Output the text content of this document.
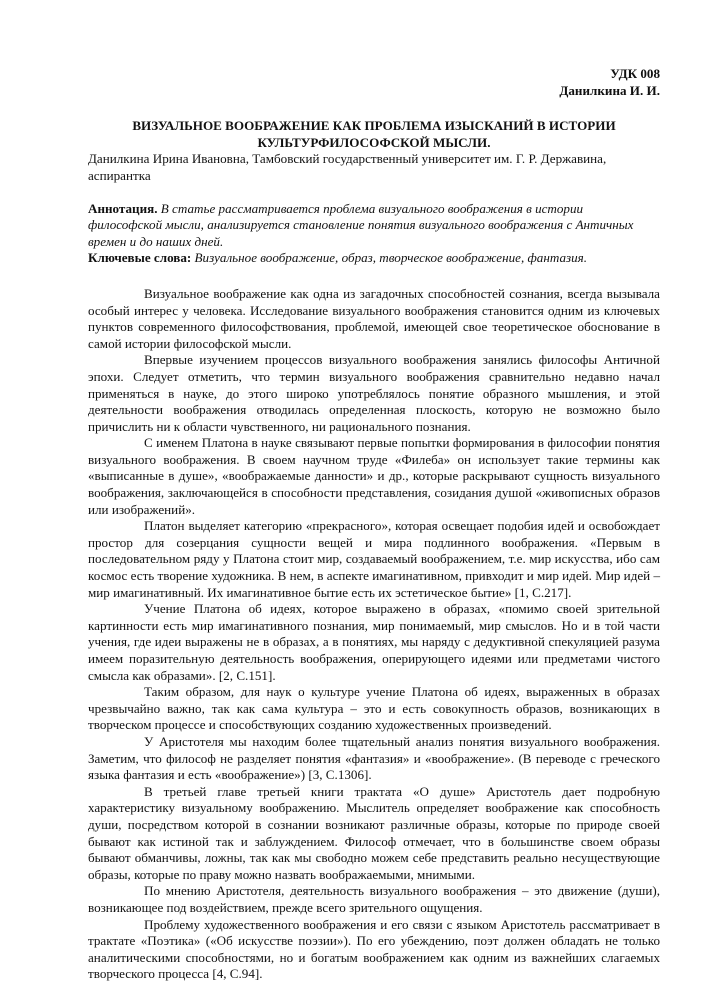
УДК 008
Данилкина И. И.
ВИЗУАЛЬНОЕ ВООБРАЖЕНИЕ КАК ПРОБЛЕМА ИЗЫСКАНИЙ В ИСТОРИИ КУЛЬТУРФИЛОСОФСКОЙ МЫСЛИ.
Данилкина Ирина Ивановна, Тамбовский государственный университет им. Г. Р. Державина, аспирантка
Аннотация. В статье рассматривается проблема визуального воображения в истории философской мысли, анализируется становление понятия визуального воображения с Античных времен и до наших дней.
Ключевые слова: Визуальное воображение, образ, творческое воображение, фантазия.

Визуальное воображение как одна из загадочных способностей сознания, всегда вызывала особый интерес у человека. Исследование визуального воображения становится одним из ключевых пунктов современного философствования, проблемой, имеющей свое теоретическое обоснование в самой истории философской мысли.

Впервые изучением процессов визуального воображения занялись философы Античной эпохи. Следует отметить, что термин визуального воображения сравнительно недавно начал применяться в науке, до этого широко употреблялось понятие образного мышления, и этой деятельности воображения отводилась определенная плоскость, которую не возможно было причислить ни к области чувственного, ни рационального познания.

С именем Платона в науке связывают первые попытки формирования в философии понятия визуального воображения. В своем научном труде «Филеба» он использует такие термины как «выписанные в душе», «воображаемые данности» и др., которые раскрывают сущность визуального воображения, заключающейся в способности представления, созидания душой «живописных образов или изображений».

Платон выделяет категорию «прекрасного», которая освещает подобия идей и освобождает простор для созерцания сущности вещей и мира подлинного воображения. «Первым в последовательном ряду у Платона стоит мир, создаваемый воображением, т.е. мир искусства, ибо сам космос есть творение художника. В нем, в аспекте имагинативном, привходит и мир идей. Мир идей – мир имагинативный. Их имагинативное бытие есть их эстетическое бытие» [1, С.217].

Учение Платона об идеях, которое выражено в образах, «помимо своей зрительной картинности есть мир имагинативного познания, мир понимаемый, мир смыслов. Но и в той части учения, где идеи выражены не в образах, а в понятиях, мы наряду с дедуктивной спекуляцией разума имеем поразительную деятельность воображения, оперирующего идеями или предметами чистого смысла как образами». [2, С.151].

Таким образом, для наук о культуре учение Платона об идеях, выраженных в образах чрезвычайно важно, так как сама культура – это и есть совокупность образов, возникающих в творческом процессе и способствующих созданию художественных произведений.

У Аристотеля мы находим более тщательный анализ понятия визуального воображения. Заметим, что философ не разделяет понятия «фантазия» и «воображение». (В переводе с греческого языка фантазия и есть «воображение») [3, С.1306].

В третьей главе третьей книги трактата «О душе» Аристотель дает подробную характеристику визуальному воображению. Мыслитель определяет воображение как способность души, посредством которой в сознании возникают различные образы, которые по природе своей бывают как истиной так и заблуждением. Философ отмечает, что в большинстве своем образы бывают обманчивы, ложны, так как мы свободно можем себе представить реально несуществующие образы, которые по праву можно назвать воображаемыми, мнимыми.

По мнению Аристотеля, деятельность визуального воображения – это движение (души), возникающее под воздействием, прежде всего зрительного ощущения.

Проблему художественного воображения и его связи с языком Аристотель рассматривает в трактате «Поэтика» («Об искусстве поэзии»). По его убеждению, поэт должен обладать не только аналитическими способностями, но и богатым воображением как одним из важнейших слагаемых творческого процесса [4, С.94].
